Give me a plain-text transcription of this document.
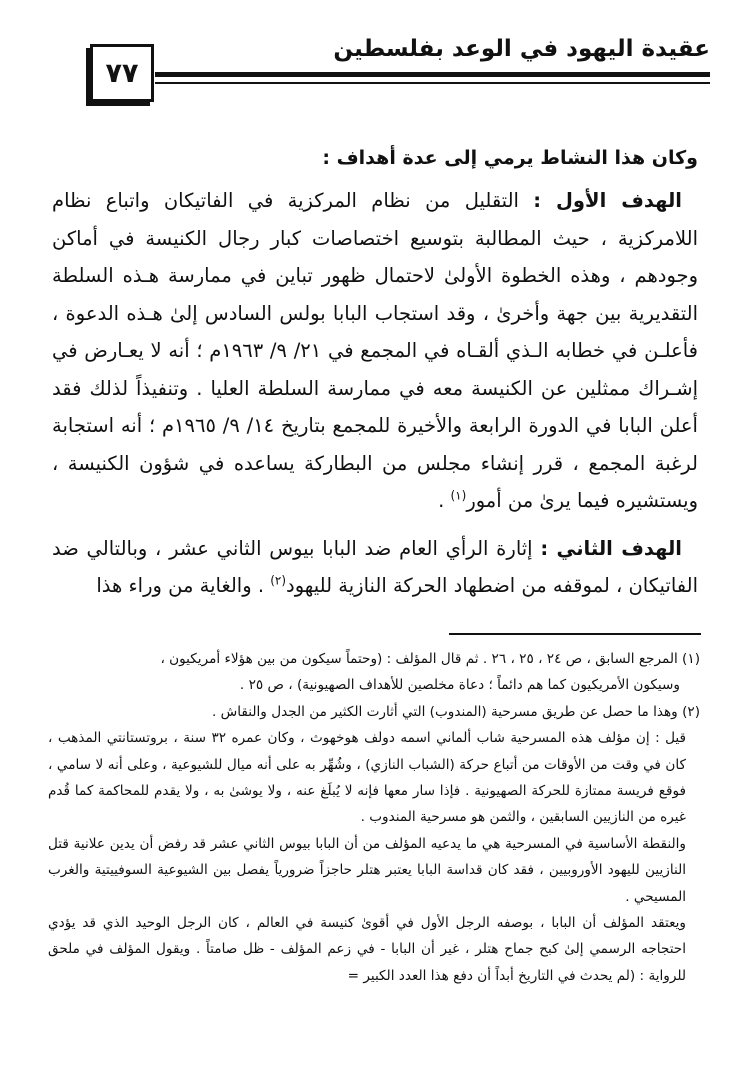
٧٧
عقيدة اليهود في الوعد بفلسطين

وكان هذا النشاط يرمي إلى عدة أهداف :

الهدف الأول : التقليل من نظام المركزية في الفاتيكان واتباع نظام اللامركزية ، حيث المطالبة بتوسيع اختصاصات كبار رجال الكنيسة في أماكن وجودهم ، وهذه الخطوة الأولىٰ لاحتمال ظهور تباين في ممارسة هـذه السلطة التقديرية بين جهة وأخرىٰ ، وقد استجاب البابا بولس السادس إلىٰ هـذه الدعوة ، فأعلـن في خطابه الـذي ألقـاه في المجمع في ٢١/ ٩/ ١٩٦٣م ؛ أنه لا يعـارض في إشـراك ممثلين عن الكنيسة معه في ممارسة السلطة العليا . وتنفيذاً لذلك فقد أعلن البابا في الدورة الرابعة والأخيرة للمجمع بتاريخ ١٤/ ٩/ ١٩٦٥م ؛ أنه استجابة لرغبة المجمع ، قرر إنشاء مجلس من البطاركة يساعده في شؤون الكنيسة ، ويستشيره فيما يرىٰ من أمور$^{(١)}$ .

الهدف الثاني : إثارة الرأي العام ضد البابا بيوس الثاني عشر ، وبالتالي ضد الفاتيكان ، لموقفه من اضطهاد الحركة النازية لليهود$^{(٢)}$ . والغاية من وراء هذا

(١) المرجع السابق ، ص ٢٤ ، ٢٥ ، ٢٦ . ثم قال المؤلف : (وحتماً سيكون من بين هؤلاء أمريكيون ،

وسيكون الأمريكيون كما هم دائماً ؛ دعاة مخلصين للأهداف الصهيونية) ، ص ٢٥ .

(٢) وهذا ما حصل عن طريق مسرحية (المندوب) التي أثارت الكثير من الجدل والنقاش .

قيل : إن مؤلف هذه المسرحية شاب ألماني اسمه دولف هوخهوث ، وكان عمره ٣٢ سنة ، بروتستانتي المذهب ، كان في وقت من الأوقات من أتباع حركة (الشباب النازي) ، وشُهِّر به على أنه ميال للشيوعية ، وعلى أنه لا سامي ، فوقع فريسة ممتازة للحركة الصهيونية . فإذا سار معها فإنه لا يُبلَغ عنه ، ولا يوشىٰ به ، ولا يقدم للمحاكمة كما قُدم غيره من النازيين السابقين ، والثمن هو مسرحية المندوب .

والنقطة الأساسية في المسرحية هي ما يدعيه المؤلف من أن البابا بيوس الثاني عشر قد رفض أن يدين علانية قتل النازيين لليهود الأوروبيين ، فقد كان قداسة البابا يعتبر هتلر حاجزاً ضرورياً يفصل بين الشيوعية السوفييتية والغرب المسيحي .

ويعتقد المؤلف أن البابا ، بوصفه الرجل الأول في أقوىٰ كنيسة في العالم ، كان الرجل الوحيد الذي قد يؤدي احتجاجه الرسمي إلىٰ كبح جماح هتلر ، غير أن البابا - في زعم المؤلف - ظل صامتاً . ويقول المؤلف في ملحق للرواية : (لم يحدث في التاريخ أبداً أن دفع هذا العدد الكبير =
